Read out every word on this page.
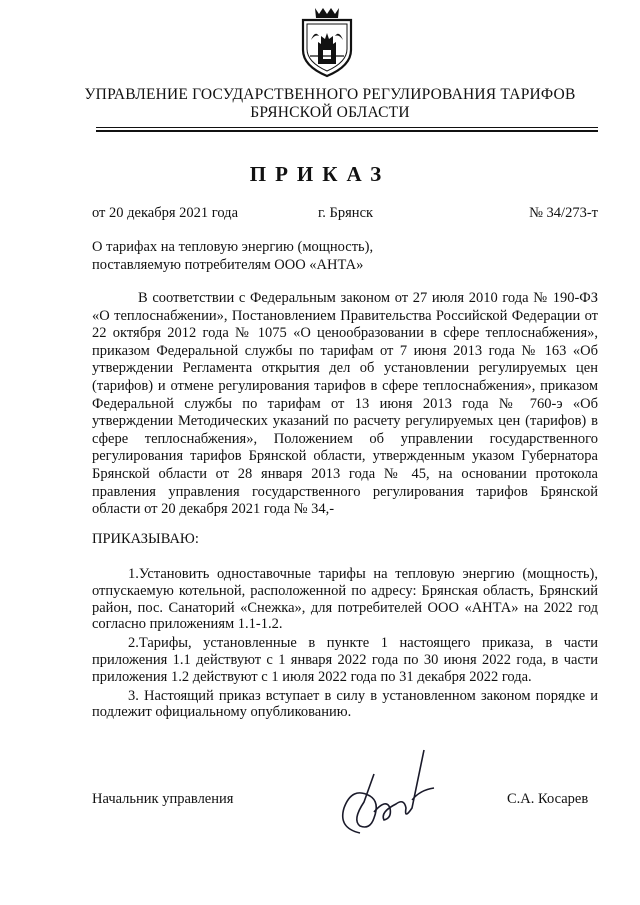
УПРАВЛЕНИЕ ГОСУДАРСТВЕННОГО РЕГУЛИРОВАНИЯ ТАРИФОВ
БРЯНСКОЙ ОБЛАСТИ
ПРИКАЗ
от 20 декабря 2021 года	г. Брянск	№ 34/273-т
О тарифах на тепловую энергию (мощность),
поставляемую потребителям ООО «АНТА»

В соответствии с Федеральным законом от 27 июля 2010 года № 190-ФЗ «О теплоснабжении», Постановлением Правительства Российской Федерации от 22 октября 2012 года № 1075 «О ценообразовании в сфере теплоснабжения», приказом Федеральной службы по тарифам от 7 июня 2013 года № 163 «Об утверждении Регламента открытия дел об установлении регулируемых цен (тарифов) и отмене регулирования тарифов в сфере теплоснабжения», приказом Федеральной службы по тарифам от 13 июня 2013 года № 760-э «Об утверждении Методических указаний по расчету регулируемых цен (тарифов) в сфере теплоснабжения», Положением об управлении государственного регулирования тарифов Брянской области, утвержденным указом Губернатора Брянской области от 28 января 2013 года № 45, на основании протокола правления управления государственного регулирования тарифов Брянской области от 20 декабря 2021 года № 34,-

ПРИКАЗЫВАЮ:

1.Установить одноставочные тарифы на тепловую энергию (мощность), отпускаемую котельной, расположенной по адресу: Брянская область, Брянский район, пос. Санаторий «Снежка», для потребителей ООО «АНТА» на 2022 год согласно приложениям 1.1-1.2.

2.Тарифы, установленные в пункте 1 настоящего приказа, в части приложения 1.1 действуют с 1 января 2022 года по 30 июня 2022 года, в части приложения 1.2 действуют с 1 июля 2022 года по 31 декабря 2022 года.

3. Настоящий приказ вступает в силу в установленном законом порядке и подлежит официальному опубликованию.

Начальник управления	С.А. Косарев
